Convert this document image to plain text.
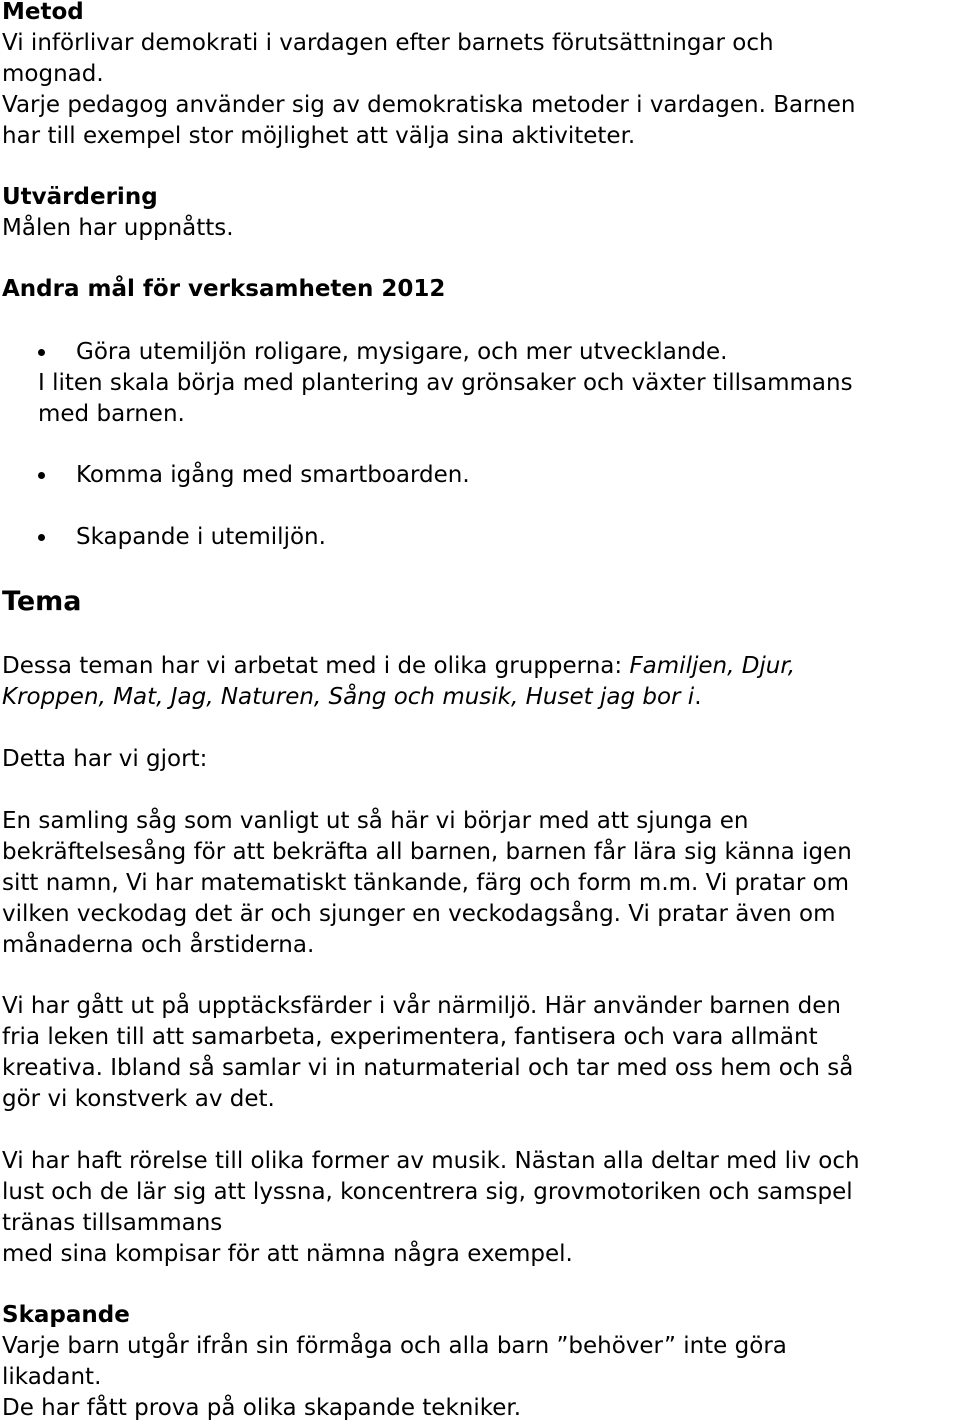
Metod
Vi införlivar demokrati i vardagen efter barnets förutsättningar och
mognad.
Varje pedagog använder sig av demokratiska metoder i vardagen. Barnen
har till exempel stor möjlighet att välja sina aktiviteter.
Utvärdering
Målen har uppnåtts.
Andra mål för verksamheten 2012
Göra utemiljön roligare, mysigare, och mer utvecklande.
I liten skala börja med plantering av grönsaker och växter tillsammans
med barnen.
Komma igång med smartboarden.
Skapande i utemiljön.
Tema
Dessa teman har vi arbetat med i de olika grupperna: Familjen, Djur,
Kroppen, Mat, Jag, Naturen, Sång och musik, Huset jag bor i.
Detta har vi gjort:
En samling såg som vanligt ut så här vi börjar med att sjunga en
bekräftelsesång för att bekräfta all barnen, barnen får lära sig känna igen
sitt namn, Vi har matematiskt tänkande, färg och form m.m. Vi pratar om
vilken veckodag det är och sjunger en veckodagsång. Vi pratar även om
månaderna och årstiderna.
Vi har gått ut på upptäcksfärder i vår närmiljö. Här använder barnen den
fria leken till att samarbeta, experimentera, fantisera och vara allmänt
kreativa. Ibland så samlar vi in naturmaterial och tar med oss hem och så
gör vi konstverk av det.
Vi har haft rörelse till olika former av musik. Nästan alla deltar med liv och
lust och de lär sig att lyssna, koncentrera sig, grovmotoriken och samspel
tränas tillsammans
med sina kompisar för att nämna några exempel.
Skapande
Varje barn utgår ifrån sin förmåga och alla barn ”behöver” inte göra
likadant.
De har fått prova på olika skapande tekniker.
